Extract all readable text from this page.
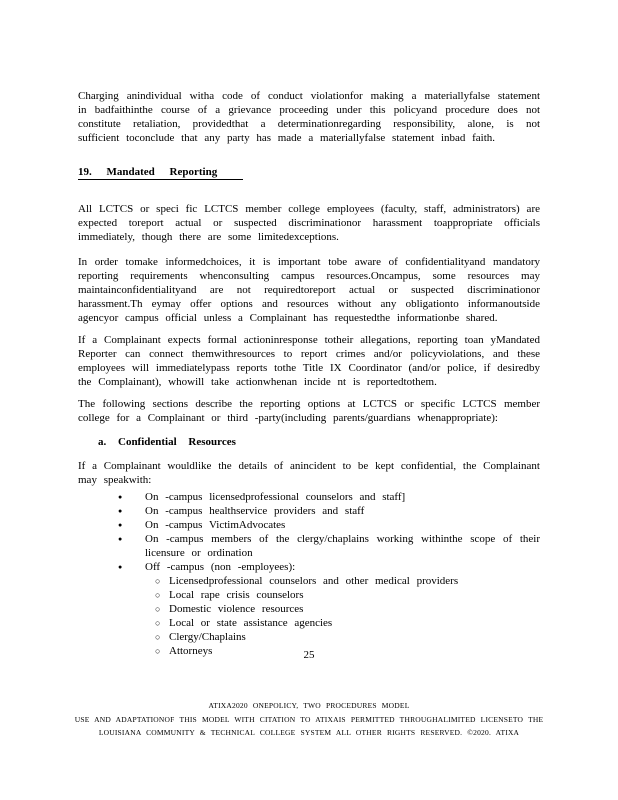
Charging anindividual witha code of conduct violationfor making a materiallyfalse statement in badfaithinthe course of a grievance proceeding under this policyand procedure does not constitute retaliation, providedthat a determinationregarding responsibility, alone, is not sufficient toconclude that any party has made a materiallyfalse statement inbad faith.

19. Mandated Reporting

All LCTCS or speci fic LCTCS member college employees (faculty, staff, administrators) are expected toreport actual or suspected discriminationor harassment toappropriate officials immediately, though there are some limitedexceptions.

In order tomake informedchoices, it is important tobe aware of confidentialityand mandatory reporting requirements whenconsulting campus resources.Oncampus, some resources may maintainconfidentialityand are not requiredtoreport actual or suspected discriminationor harassment.Th eymay offer options and resources without any obligationto informanoutside agencyor campus official unless a Complainant has requestedthe informationbe shared.

If a Complainant expects formal actioninresponse totheir allegations, reporting toan yMandated Reporter can connect themwithresources to report crimes and/or policyviolations, and these employees will immediatelypass reports tothe Title IX Coordinator (and/or police, if desiredby the Complainant), whowill take actionwhenan incide nt is reportedtothem.

The following sections describe the reporting options at LCTCS or specific LCTCS member college for a Complainant or third -party(including parents/guardians whenappropriate):

a. Confidential Resources

If a Complainant wouldlike the details of anincident to be kept confidential, the Complainant may speakwith:

●	On -campus licensedprofessional counselors and staff]
●	On -campus healthservice providers and staff
●	On -campus VictimAdvocates
●	On -campus members of the clergy/chaplains working withinthe scope of their licensure or ordination
●	Off -campus (non -employees):
○ Licensedprofessional counselors and other medical providers
○ Local rape crisis counselors
○ Domestic violence resources
○ Local or state assistance agencies
○ Clergy/Chaplains
○ Attorneys	25
ATIXA2020 ONEPOLICY, TWO PROCEDURES MODEL
USE AND ADAPTATIONOF THIS MODEL WITH CITATION TO ATIXAIS PERMITTED THROUGHALIMITED LICENSETO THE
LOUISIANA COMMUNITY & TECHNICAL COLLEGE SYSTEM ALL OTHER RIGHTS RESERVED. ©2020. ATIXA
